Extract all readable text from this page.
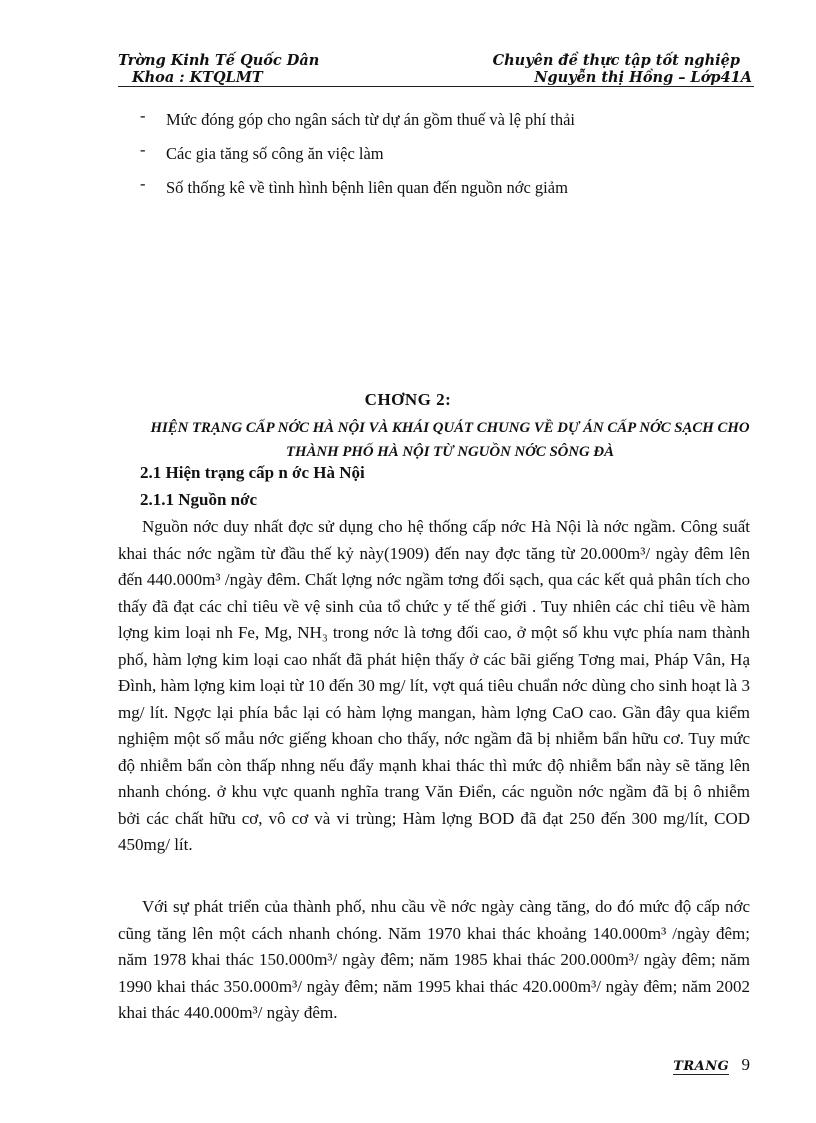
Trờng Kinh Tế Quốc Dân
Khoa : KTQLMT
Chuyên đề thực tập tốt nghiệp
Nguyễn thị Hồng – Lớp41A
- Mức đóng góp cho ngân sách từ dự án gồm thuế và lệ phí thải
- Các gia tăng số công ăn việc làm
- Số thống kê về tình hình bệnh liên quan đến nguồn nớc giảm
CHƠNG 2:
HIỆN TRẠNG CẤP NỚC HÀ NỘI VÀ KHÁI QUÁT CHUNG VỀ DỰ ÁN CẤP NỚC SẠCH CHO THÀNH PHỐ HÀ NỘI TỪ NGUỒN NỚC SÔNG ĐÀ
2.1 Hiện trạng cấp n ớc Hà Nội
2.1.1 Nguồn nớc
Nguồn nớc duy nhất đợc sử dụng cho hệ thống cấp nớc Hà Nội là nớc ngầm. Công suất khai thác nớc ngầm từ đầu thế kỷ này(1909) đến nay đợc tăng từ 20.000m³/ ngày đêm lên đến 440.000m³ /ngày đêm. Chất lợng nớc ngầm tơng đối sạch, qua các kết quả phân tích cho thấy đã đạt các chỉ tiêu về vệ sinh của tổ chức y tế thế giới . Tuy nhiên các chỉ tiêu về hàm lợng kim loại nh Fe, Mg, NH₃ trong nớc là tơng đối cao, ở một số khu vực phía nam thành phố, hàm lợng kim loại cao nhất đã phát hiện thấy ở các bãi giếng Tơng mai, Pháp Vân, Hạ Đình, hàm lợng kim loại từ 10 đến 30 mg/ lít, vợt quá tiêu chuẩn nớc dùng cho sinh hoạt là 3 mg/ lít. Ngợc lại phía bắc lại có hàm lợng mangan, hàm lợng CaO cao. Gần đây qua kiểm nghiệm một số mẫu nớc giếng khoan cho thấy, nớc ngầm đã bị nhiễm bẩn hữu cơ. Tuy mức độ nhiễm bẩn còn thấp nhng nếu đẩy mạnh khai thác thì mức độ nhiễm bẩn này sẽ tăng lên nhanh chóng. ở khu vực quanh nghĩa trang Văn Điển, các nguồn nớc ngầm đã bị ô nhiễm bởi các chất hữu cơ, vô cơ và vi trùng; Hàm lợng BOD đã đạt 250 đến 300 mg/lít, COD 450mg/ lít.
Với sự phát triển của thành phố, nhu cầu về nớc ngày càng tăng, do đó mức độ cấp nớc cũng tăng lên một cách nhanh chóng. Năm 1970 khai thác khoảng 140.000m³ /ngày đêm; năm 1978 khai thác 150.000m³/ ngày đêm; năm 1985 khai thác 200.000m³/ ngày đêm; năm 1990 khai thác 350.000m³/ ngày đêm; năm 1995 khai thác 420.000m³/ ngày đêm; năm 2002 khai thác 440.000m³/ ngày đêm.
TRANG 9
